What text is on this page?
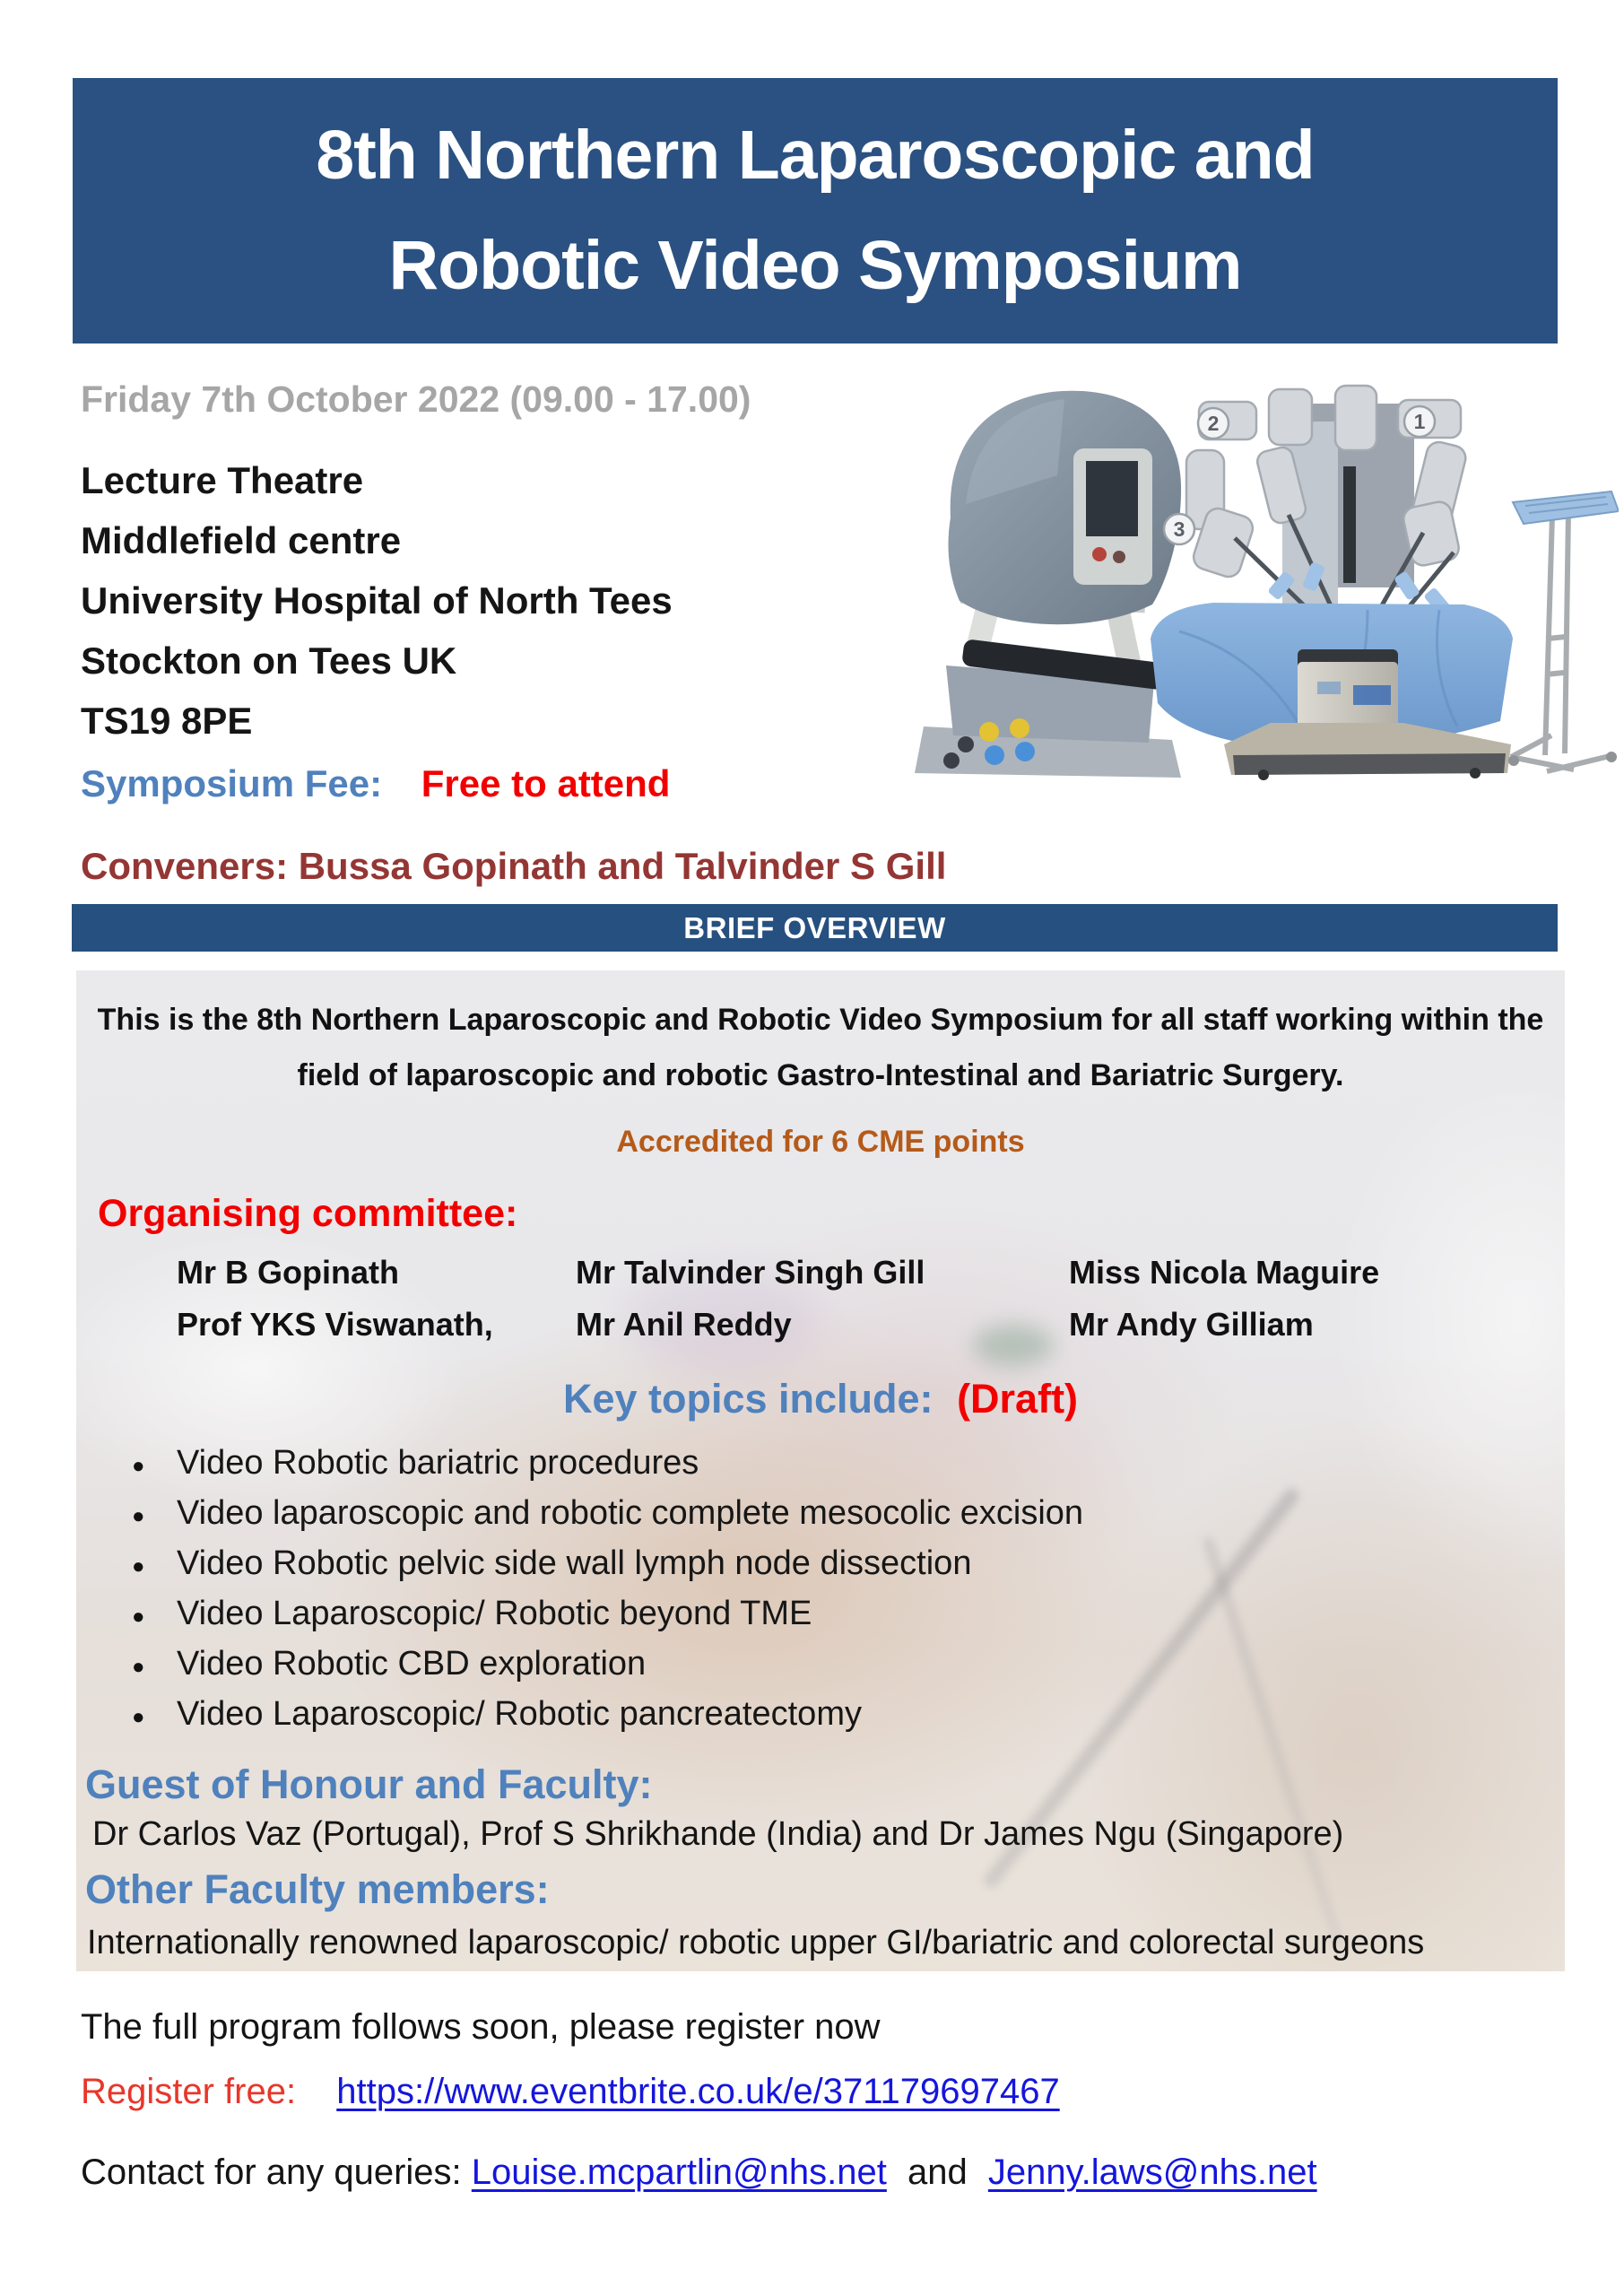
8th Northern Laparoscopic and
Robotic Video Symposium
Friday 7th October 2022 (09.00 - 17.00)
Lecture Theatre
Middlefield centre
University Hospital of North Tees
Stockton on Tees UK
TS19 8PE
2	1
3
Symposium Fee: Free to attend
Conveners: Bussa Gopinath and Talvinder S Gill
BRIEF OVERVIEW

This is the 8th Northern Laparoscopic and Robotic Video Symposium for all staff working within the field of laparoscopic and robotic Gastro-Intestinal and Bariatric Surgery.

Accredited for 6 CME points

Organising committee:
Mr B Gopinath	Mr Talvinder Singh Gill	Miss Nicola Maguire
Prof YKS Viswanath,	Mr Anil Reddy	Mr Andy Gilliam
Key topics include: (Draft)
● Video Robotic bariatric procedures
● Video laparoscopic and robotic complete mesocolic excision
● Video Robotic pelvic side wall lymph node dissection
● Video Laparoscopic/ Robotic beyond TME
● Video Robotic CBD exploration
● Video Laparoscopic/ Robotic pancreatectomy
Guest of Honour and Faculty:

Dr Carlos Vaz (Portugal), Prof S Shrikhande (India) and Dr James Ngu (Singapore)

Other Faculty members:

Internationally renowned laparoscopic/ robotic upper GI/bariatric and colorectal surgeons

The full program follows soon, please register now
Register free: https://www.eventbrite.co.uk/e/371179697467
Contact for any queries: Louise.mcpartlin@nhs.net and Jenny.laws@nhs.net
